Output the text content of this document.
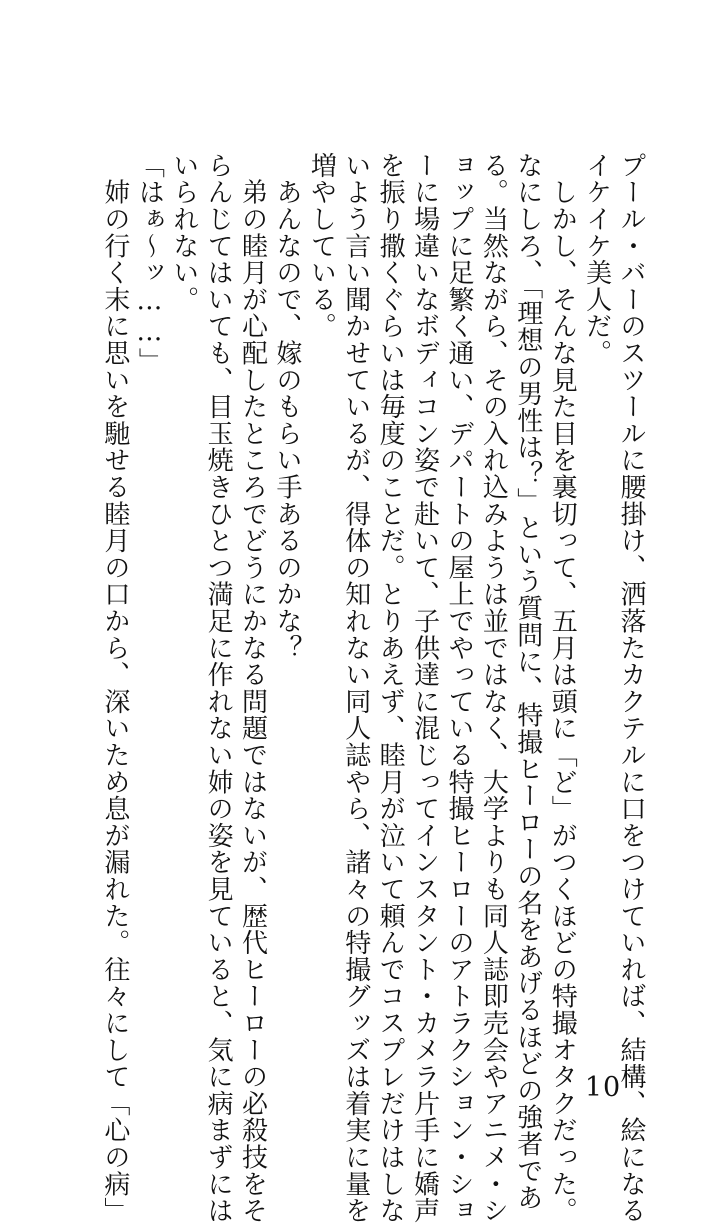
プール・バーのスツールに腰掛け、洒落たカクテルに口をつけていれば、結構、絵になる
イケイケ美人だ。
　しかし、そんな見た目を裏切って、五月は頭に「ど」がつくほどの特撮オタクだった。
なにしろ、「理想の男性は？」という質問に、特撮ヒーローの名をあげるほどの強者であ
る。当然ながら、その入れ込みようは並ではなく、大学よりも同人誌即売会やアニメ・シ
ョップに足繁く通い、デパートの屋上でやっている特撮ヒーローのアトラクション・ショ
ーに場違いなボディコン姿で赴いて、子供達に混じってインスタント・カメラ片手に嬌声
を振り撒くぐらいは毎度のことだ。とりあえず、睦月が泣いて頼んでコスプレだけはしな
いよう言い聞かせているが、得体の知れない同人誌やら、諸々の特撮グッズは着実に量を
増やしている。
　あんなので、嫁のもらい手あるのかな？
　弟の睦月が心配したところでどうにかなる問題ではないが、歴代ヒーローの必殺技をそ
らんじてはいても、目玉焼きひとつ満足に作れない姉の姿を見ていると、気に病まずには
いられない。
「はぁ～ッ……」
　姉の行く末に思いを馳せる睦月の口から、深いため息が漏れた。往々にして「心の病」	10
